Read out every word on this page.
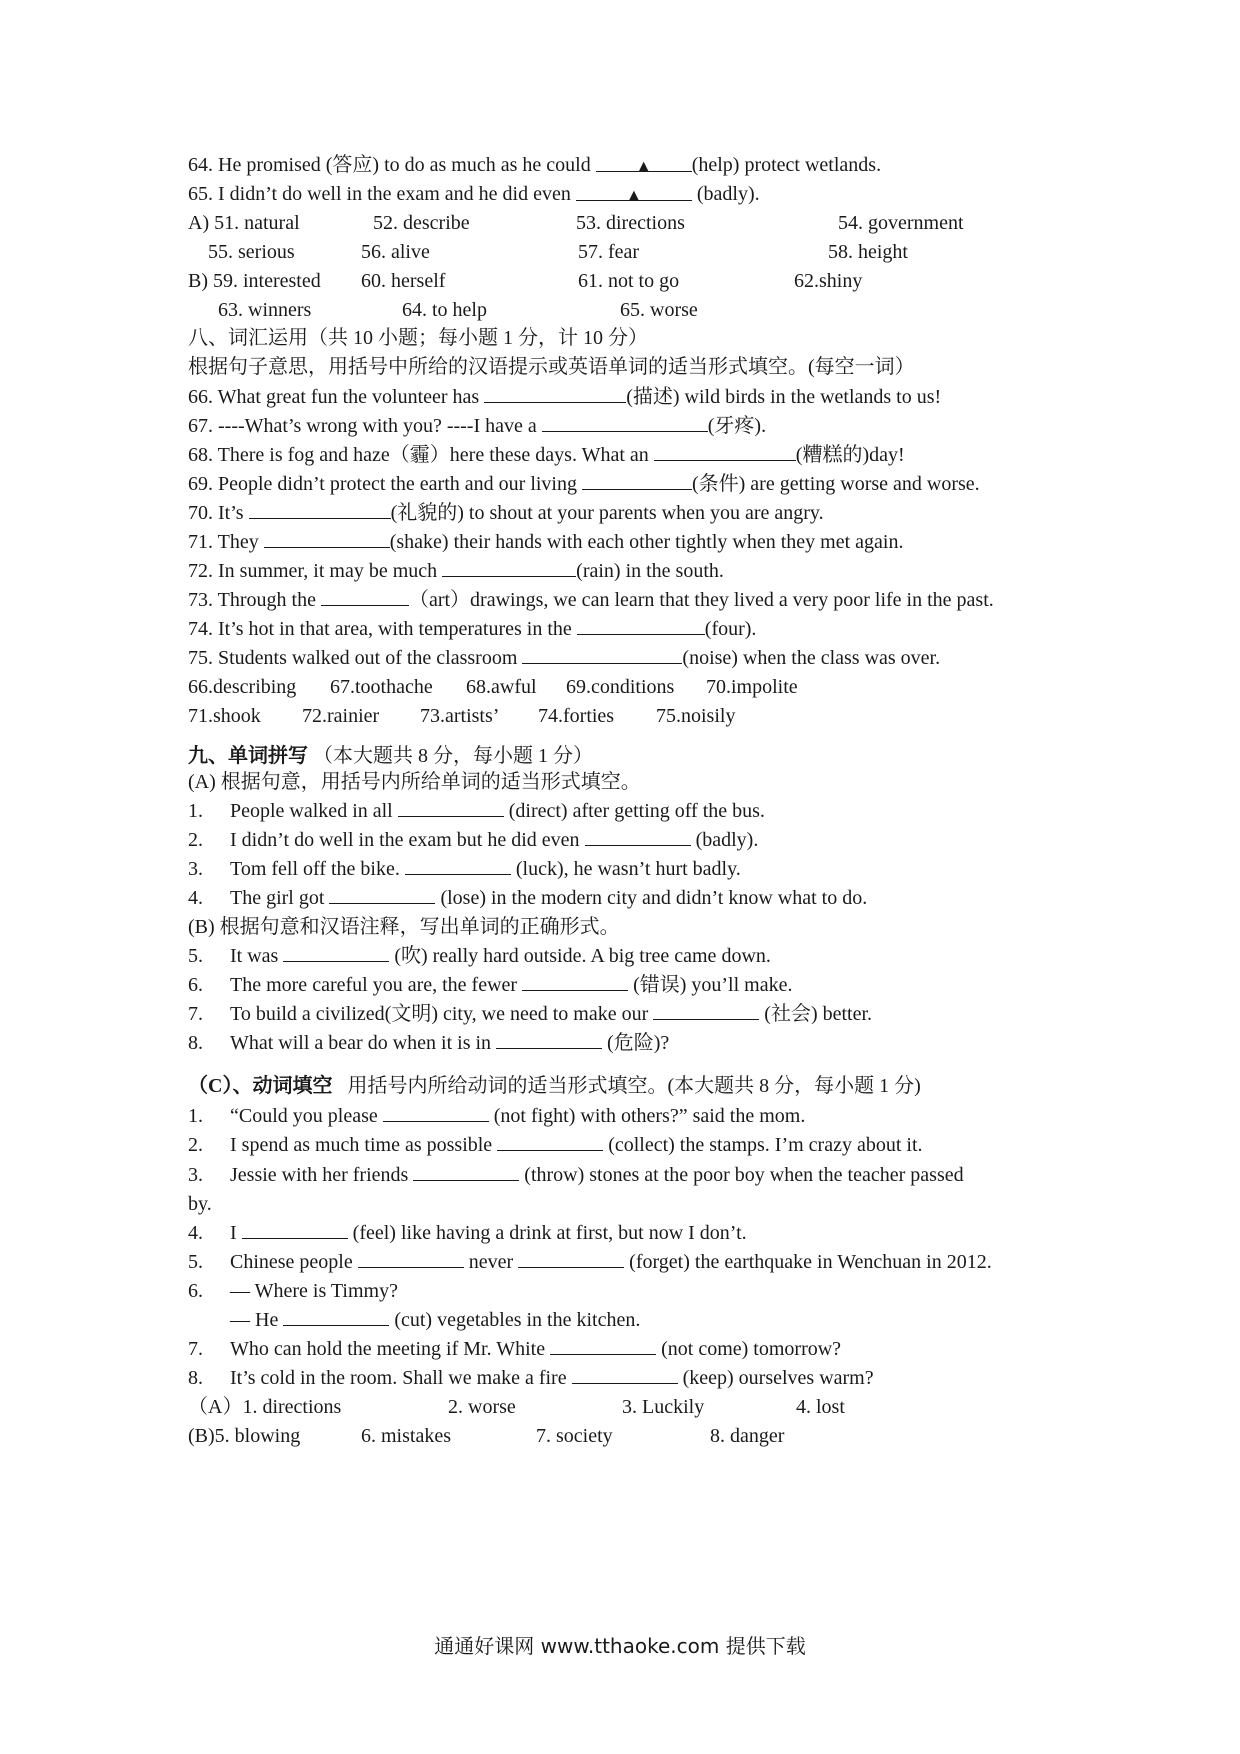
64. He promised (答应) to do as much as he could	▲ (help) protect wetlands.
65. I didn’t do well in the exam and he did even	▲	(badly).
A) 51. natural	52. describe	53. directions	54. government
55. serious	56. alive	57. fear	58. height
B) 59. interested 60. herself	61. not to go	62.shiny
63. winners	64. to help	65. worse
八、词汇运用（共 10 小题；每小题 1 分，计 10 分）
根据句子意思，用括号中所给的汉语提示或英语单词的适当形式填空。(每空一词）
66. What great fun the volunteer has	(描述) wild birds in the wetlands to us!
67. ----What’s wrong with you? ----I have a	(牙疼).
68. There is fog and haze（霾）here these days. What an	(糟糕的)day!
69. People didn’t protect the earth and our living	(条件) are getting worse and worse.
70. It’s	(礼貌的) to shout at your parents when you are angry.
71. They	(shake) their hands with each other tightly when they met again.
72. In summer, it may be much	(rain) in the south.
73. Through the	（art）drawings, we can learn that they lived a very poor life in the past.
74. It’s hot in that area, with temperatures in the	(four).
75. Students walked out of the classroom	(noise) when the class was over.
66.describing 67.toothache 68.awful 69.conditions 70.impolite
71.shook 72.rainier 73.artists’ 74.forties 75.noisily
九、单词拼写 （本大题共 8 分，每小题 1 分）
(A) 根据句意，用括号内所给单词的适当形式填空。
1. People walked in all	(direct) after getting off the bus.
2. I didn’t do well in the exam but he did even	(badly).
3. Tom fell off the bike.	(luck), he wasn’t hurt badly.
4. The girl got	(lose) in the modern city and didn’t know what to do.
(B) 根据句意和汉语注释，写出单词的正确形式。
5. It was	(吹) really hard outside. A big tree came down.
6. The more careful you are, the fewer	(错误) you’ll make.
7. To build a civilized(文明) city, we need to make our	(社会) better.
8. What will a bear do when it is in	(危险)?
（C）、动词填空 用括号内所给动词的适当形式填空。(本大题共 8 分，每小题 1 分)
1. “Could you please	(not fight) with others?” said the mom.
2. I spend as much time as possible	(collect) the stamps. I’m crazy about it.
3. Jessie with her friends	(throw) stones at the poor boy when the teacher passed
by.
4. I	(feel) like having a drink at first, but now I don’t.
5. Chinese people	never	(forget) the earthquake in Wenchuan in 2012.
6. — Where is Timmy?
— He	(cut) vegetables in the kitchen.
7. Who can hold the meeting if Mr. White	(not come) tomorrow?
8. It’s cold in the room. Shall we make a fire	(keep) ourselves warm?
（A）1. directions	2. worse	3. Luckily	4. lost
(B)5. blowing	6. mistakes	7. society	8. danger
通通好课网 www.tthaoke.com 提供下载
